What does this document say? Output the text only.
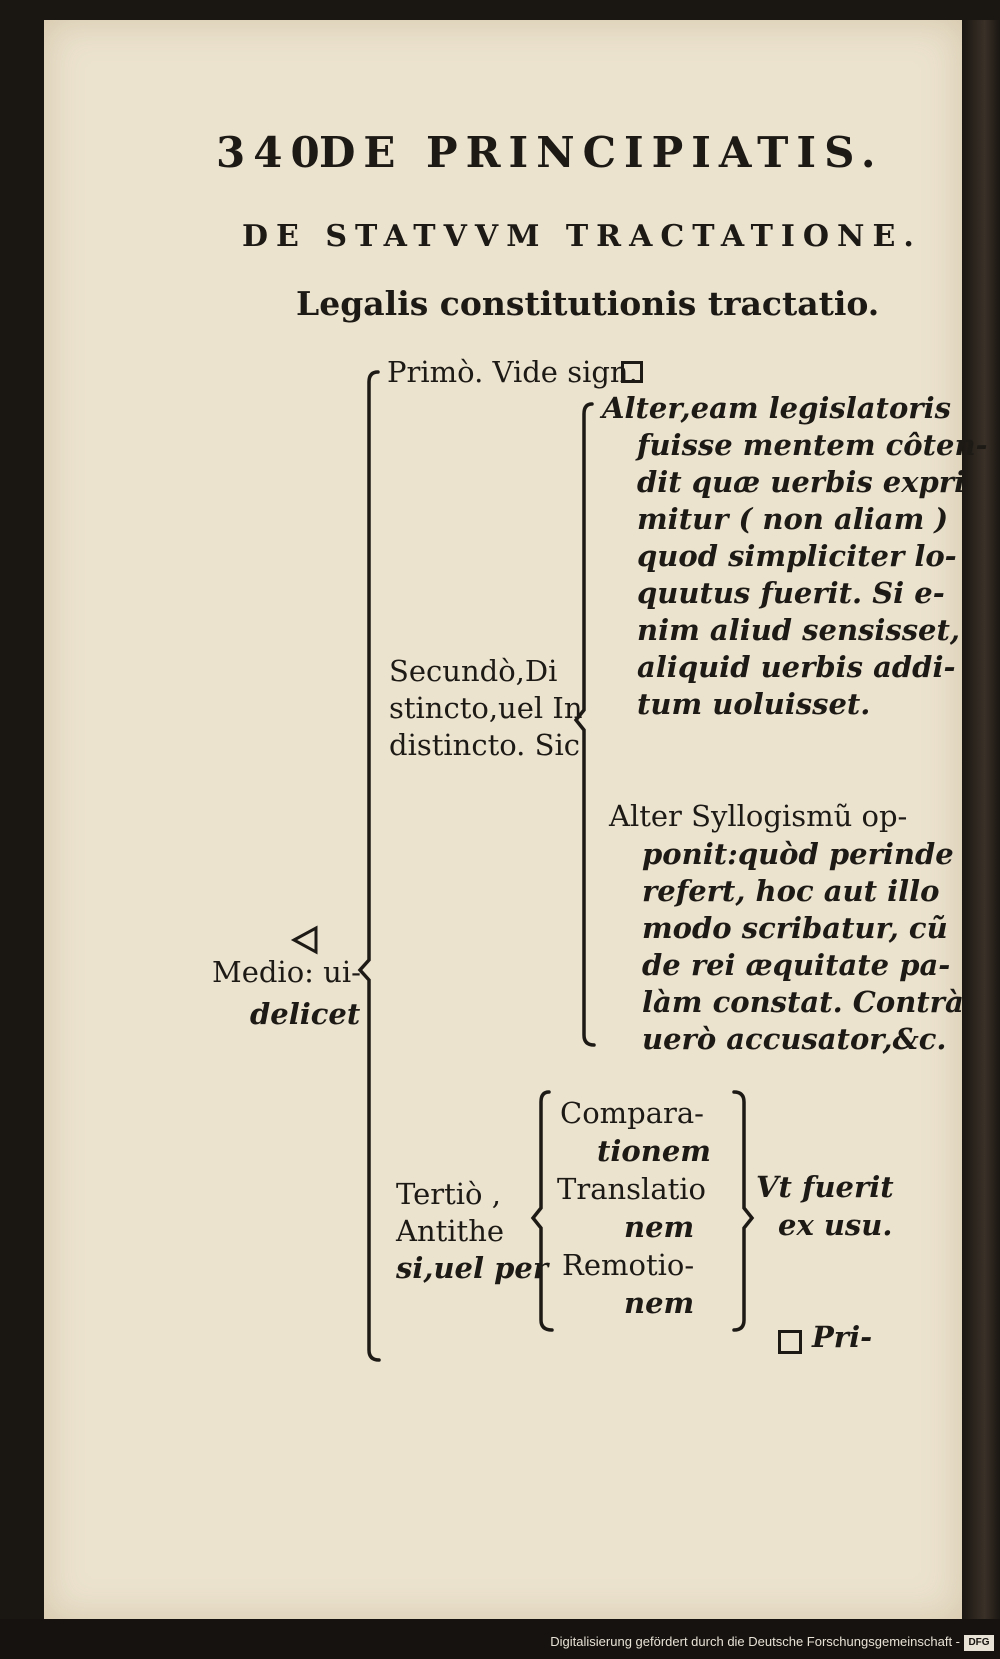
340
DE PRINCIPIATIS.
DE STATVVM TRACTATIONE.
Legalis constitutionis tractatio.
Medio: ui-
delicet
Primò. Vide sign.
Secundò,Di
stincto,uel In
distincto. Sic
Alter,eam legislatoris
fuisse mentem côten-
dit quæ uerbis expri
mitur ( non aliam )
quod simpliciter lo-
quutus fuerit. Si e-
nim aliud sensisset,
aliquid uerbis addi-
tum uoluisset.
Alter Syllogismũ op-
ponit:quòd perinde
refert, hoc aut illo
modo scribatur, cũ
de rei æquitate pa-
làm constat. Contrà
uerò accusator,&c.
Tertiò ,
Antithe
si,uel per
Compara-
tionem
Translatio
nem
Remotio-
nem
Vt fuerit
ex usu.
Pri-
Digitalisierung gefördert durch die Deutsche Forschungsgemeinschaft - DFG
